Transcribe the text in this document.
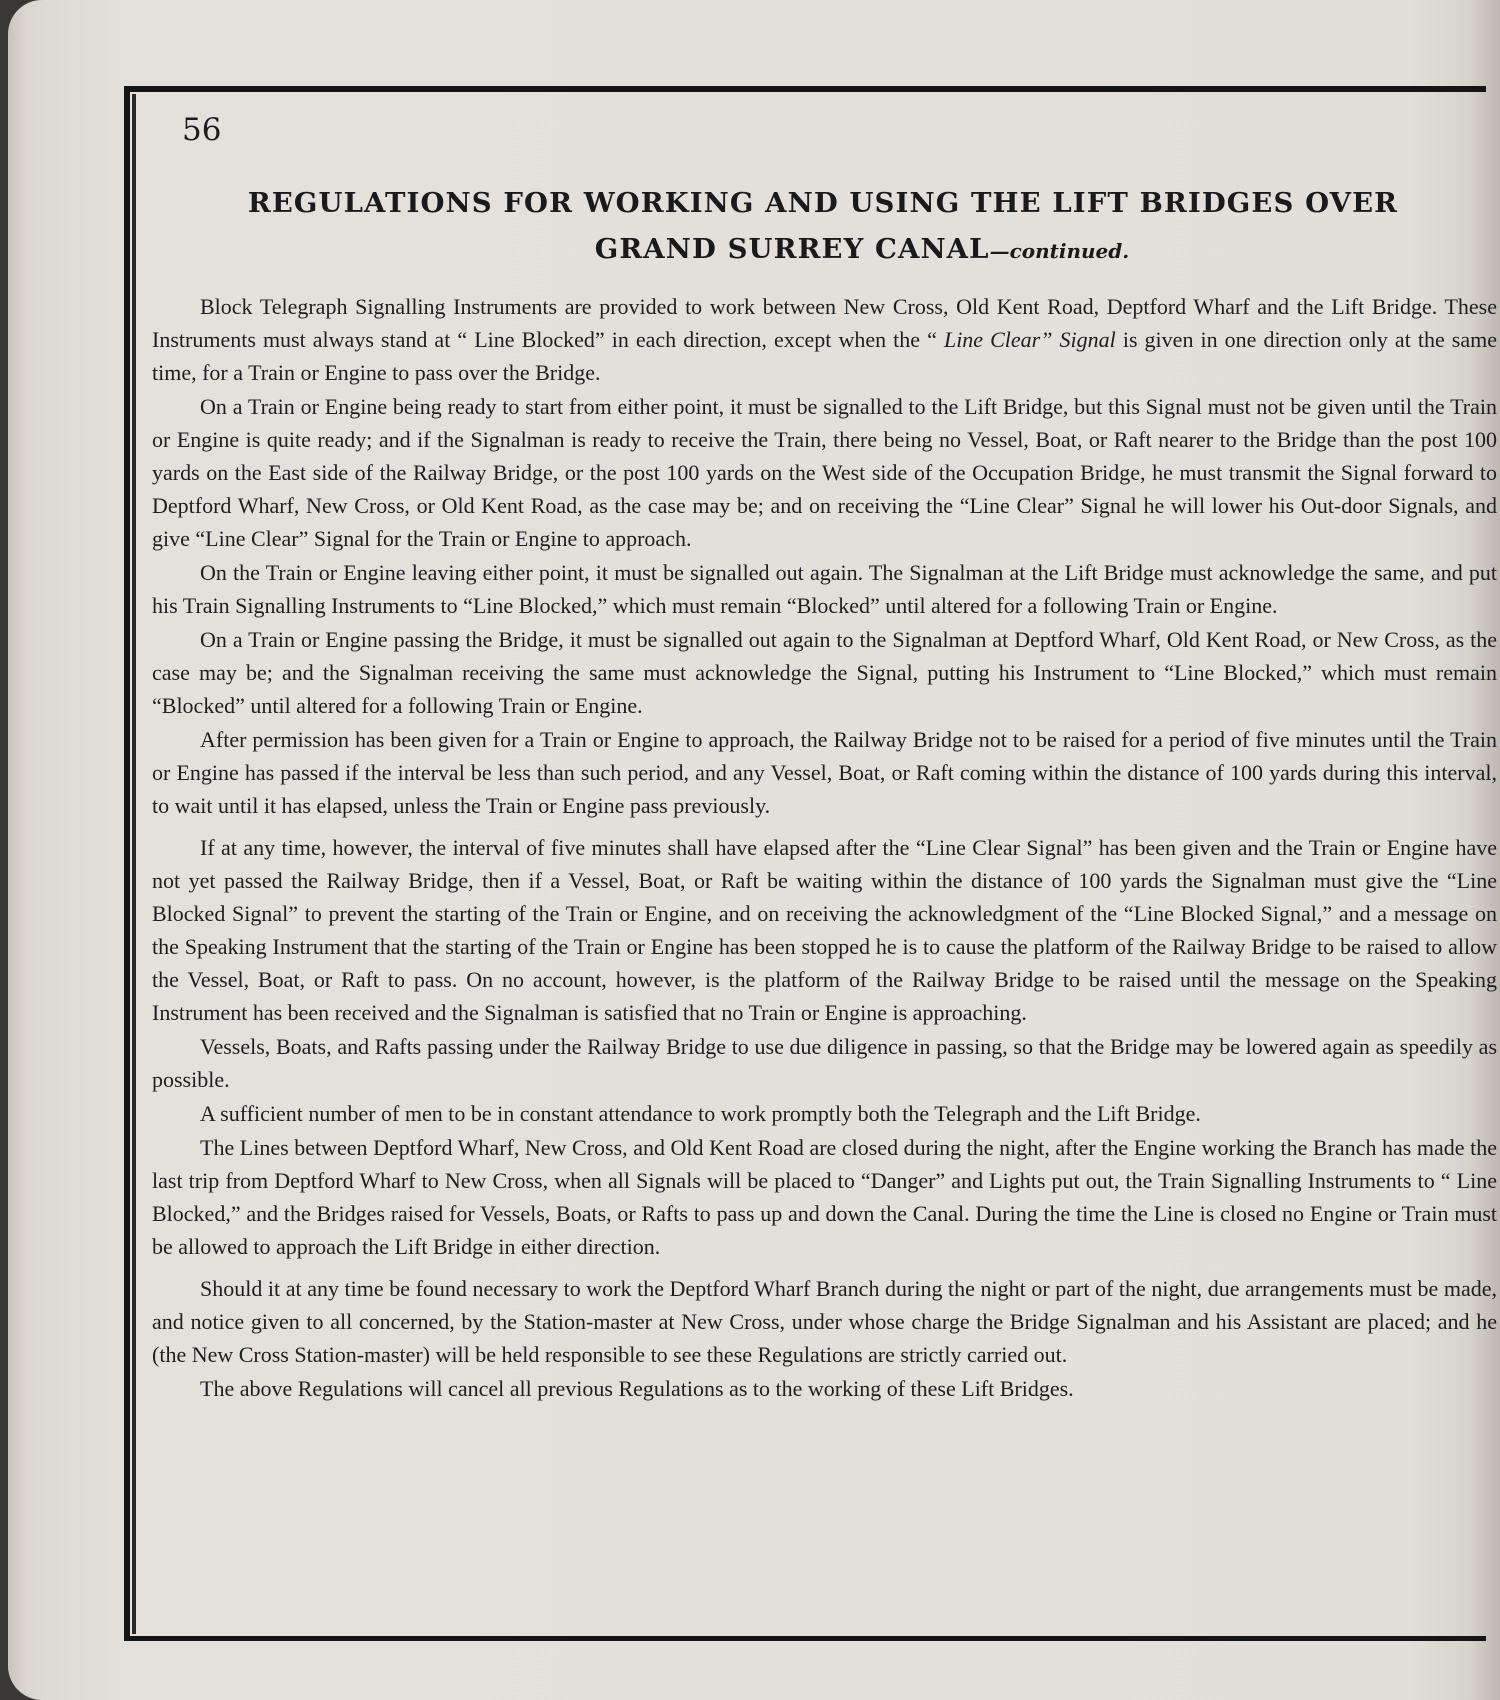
56
REGULATIONS FOR WORKING AND USING THE LIFT BRIDGES OVER
GRAND SURREY CANAL—continued.

Block Telegraph Signalling Instruments are provided to work between New Cross, Old Kent Road, Deptford Wharf and the Lift Bridge. These Instruments must always stand at “ Line Blocked” in each direction, except when the “ Line Clear” Signal is given in one direction only at the same time, for a Train or Engine to pass over the Bridge.

On a Train or Engine being ready to start from either point, it must be signalled to the Lift Bridge, but this Signal must not be given until the Train or Engine is quite ready; and if the Signalman is ready to receive the Train, there being no Vessel, Boat, or Raft nearer to the Bridge than the post 100 yards on the East side of the Railway Bridge, or the post 100 yards on the West side of the Occupation Bridge, he must transmit the Signal forward to Deptford Wharf, New Cross, or Old Kent Road, as the case may be; and on receiving the “Line Clear” Signal he will lower his Out-door Signals, and give “Line Clear” Signal for the Train or Engine to approach.

On the Train or Engine leaving either point, it must be signalled out again. The Signalman at the Lift Bridge must acknowledge the same, and put his Train Signalling Instruments to “Line Blocked,” which must remain “Blocked” until altered for a following Train or Engine.

On a Train or Engine passing the Bridge, it must be signalled out again to the Signalman at Deptford Wharf, Old Kent Road, or New Cross, as the case may be; and the Signalman receiving the same must acknowledge the Signal, putting his Instrument to “Line Blocked,” which must remain “Blocked” until altered for a following Train or Engine.

After permission has been given for a Train or Engine to approach, the Railway Bridge not to be raised for a period of five minutes until the Train or Engine has passed if the interval be less than such period, and any Vessel, Boat, or Raft coming within the distance of 100 yards during this interval, to wait until it has elapsed, unless the Train or Engine pass previously.

If at any time, however, the interval of five minutes shall have elapsed after the “Line Clear Signal” has been given and the Train or Engine have not yet passed the Railway Bridge, then if a Vessel, Boat, or Raft be waiting within the distance of 100 yards the Signalman must give the “Line Blocked Signal” to prevent the starting of the Train or Engine, and on receiving the acknowledgment of the “Line Blocked Signal,” and a message on the Speaking Instrument that the starting of the Train or Engine has been stopped he is to cause the platform of the Railway Bridge to be raised to allow the Vessel, Boat, or Raft to pass. On no account, however, is the platform of the Railway Bridge to be raised until the message on the Speaking Instrument has been received and the Signalman is satisfied that no Train or Engine is approaching.

Vessels, Boats, and Rafts passing under the Railway Bridge to use due diligence in passing, so that the Bridge may be lowered again as speedily as possible.

A sufficient number of men to be in constant attendance to work promptly both the Telegraph and the Lift Bridge.

The Lines between Deptford Wharf, New Cross, and Old Kent Road are closed during the night, after the Engine working the Branch has made the last trip from Deptford Wharf to New Cross, when all Signals will be placed to “Danger” and Lights put out, the Train Signalling Instruments to “ Line Blocked,” and the Bridges raised for Vessels, Boats, or Rafts to pass up and down the Canal. During the time the Line is closed no Engine or Train must be allowed to approach the Lift Bridge in either direction.

Should it at any time be found necessary to work the Deptford Wharf Branch during the night or part of the night, due arrangements must be made, and notice given to all concerned, by the Station-master at New Cross, under whose charge the Bridge Signalman and his Assistant are placed; and he (the New Cross Station-master) will be held responsible to see these Regulations are strictly carried out.

The above Regulations will cancel all previous Regulations as to the working of these Lift Bridges.
